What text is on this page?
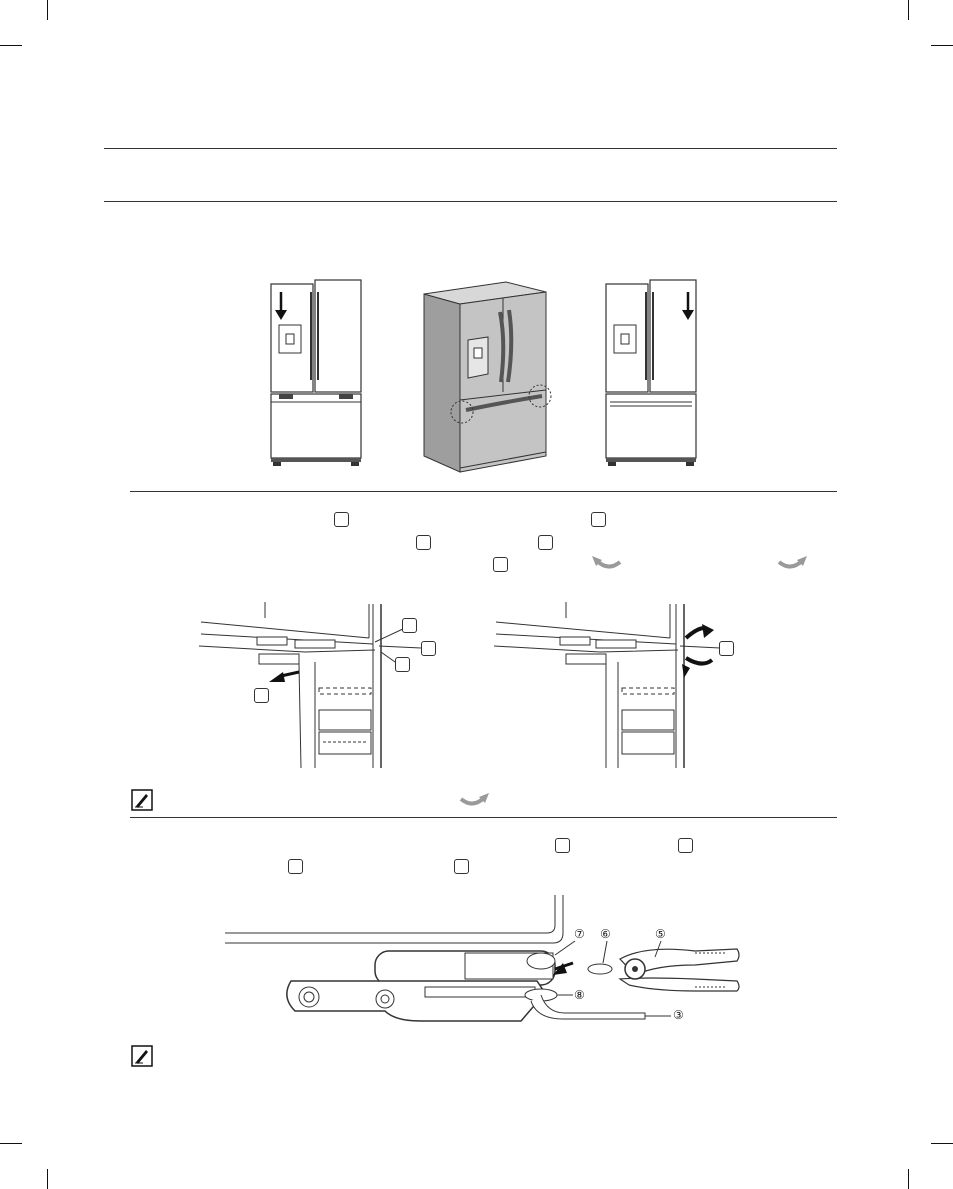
⑦ ⑥	⑤
⑧
③
